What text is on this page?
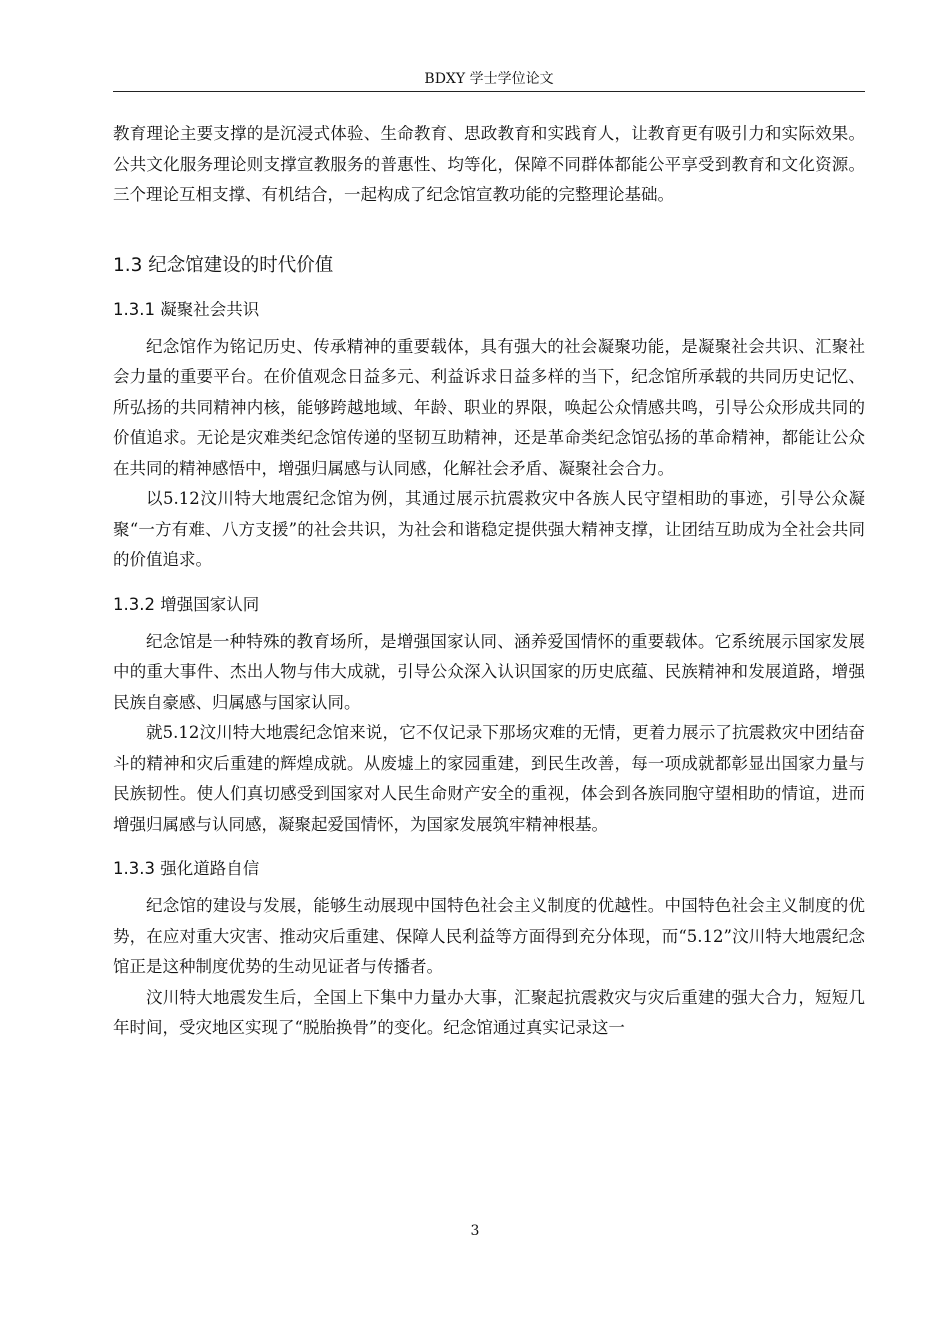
BDXY 学士学位论文

教育理论主要支撑的是沉浸式体验、生命教育、思政教育和实践育人，让教育更有吸引力和实际效果。公共文化服务理论则支撑宣教服务的普惠性、均等化，保障不同群体都能公平享受到教育和文化资源。三个理论互相支撑、有机结合，一起构成了纪念馆宣教功能的完整理论基础。

1.3 纪念馆建设的时代价值
1.3.1 凝聚社会共识

纪念馆作为铭记历史、传承精神的重要载体，具有强大的社会凝聚功能，是凝聚社会共识、汇聚社会力量的重要平台。在价值观念日益多元、利益诉求日益多样的当下，纪念馆所承载的共同历史记忆、所弘扬的共同精神内核，能够跨越地域、年龄、职业的界限，唤起公众情感共鸣，引导公众形成共同的价值追求。无论是灾难类纪念馆传递的坚韧互助精神，还是革命类纪念馆弘扬的革命精神，都能让公众在共同的精神感悟中，增强归属感与认同感，化解社会矛盾、凝聚社会合力。

以5.12汶川特大地震纪念馆为例，其通过展示抗震救灾中各族人民守望相助的事迹，引导公众凝聚“一方有难、八方支援”的社会共识，为社会和谐稳定提供强大精神支撑，让团结互助成为全社会共同的价值追求。

1.3.2 增强国家认同

纪念馆是一种特殊的教育场所，是增强国家认同、涵养爱国情怀的重要载体。它系统展示国家发展中的重大事件、杰出人物与伟大成就，引导公众深入认识国家的历史底蕴、民族精神和发展道路，增强民族自豪感、归属感与国家认同。

就5.12汶川特大地震纪念馆来说，它不仅记录下那场灾难的无情，更着力展示了抗震救灾中团结奋斗的精神和灾后重建的辉煌成就。从废墟上的家园重建，到民生改善，每一项成就都彰显出国家力量与民族韧性。使人们真切感受到国家对人民生命财产安全的重视，体会到各族同胞守望相助的情谊，进而增强归属感与认同感，凝聚起爱国情怀，为国家发展筑牢精神根基。

1.3.3 强化道路自信

纪念馆的建设与发展，能够生动展现中国特色社会主义制度的优越性。中国特色社会主义制度的优势，在应对重大灾害、推动灾后重建、保障人民利益等方面得到充分体现，而“5.12”汶川特大地震纪念馆正是这种制度优势的生动见证者与传播者。

汶川特大地震发生后，全国上下集中力量办大事，汇聚起抗震救灾与灾后重建的强大合力，短短几年时间，受灾地区实现了“脱胎换骨”的变化。纪念馆通过真实记录这一

3
